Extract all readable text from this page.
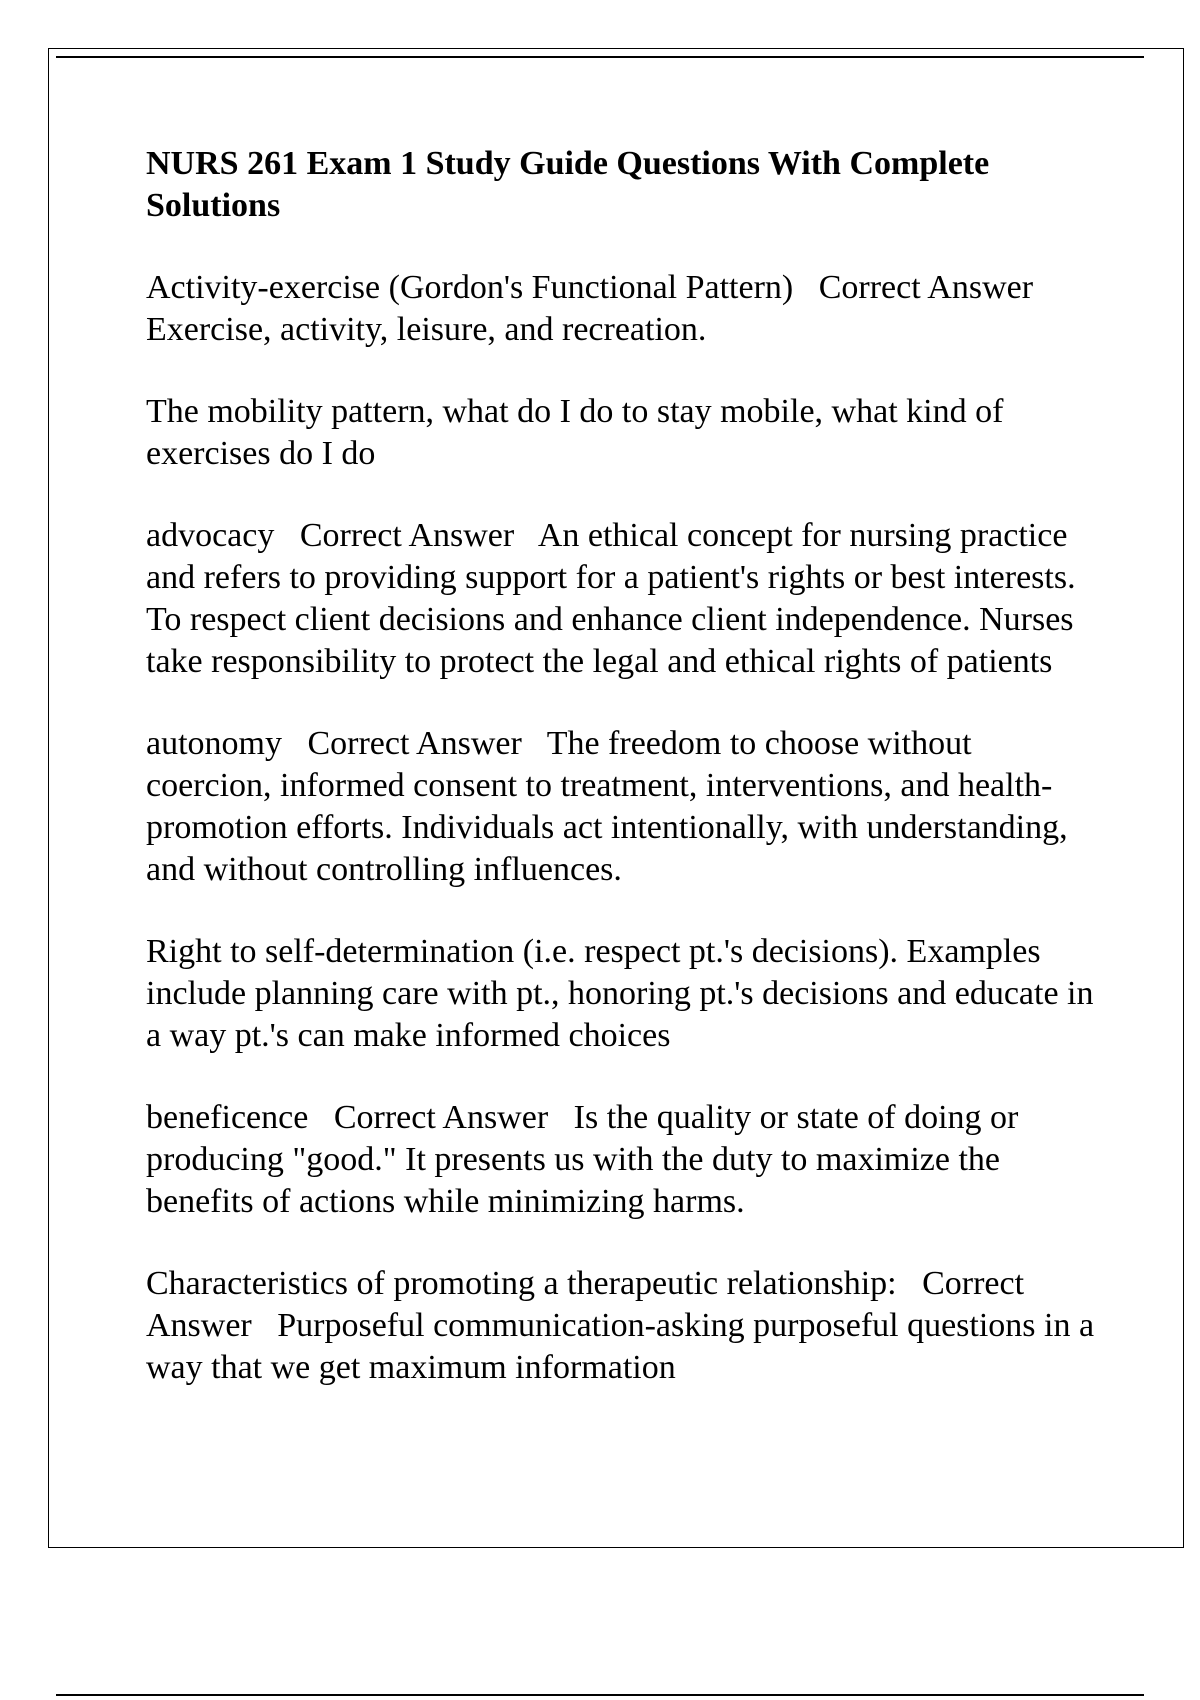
NURS 261 Exam 1 Study Guide Questions With Complete Solutions

Activity-exercise (Gordon's Functional Pattern)   Correct Answer   Exercise, activity, leisure, and recreation.

The mobility pattern, what do I do to stay mobile, what kind of exercises do I do

advocacy   Correct Answer   An ethical concept for nursing practice and refers to providing support for a patient's rights or best interests. To respect client decisions and enhance client independence. Nurses take responsibility to protect the legal and ethical rights of patients

autonomy   Correct Answer   The freedom to choose without coercion, informed consent to treatment, interventions, and health-promotion efforts. Individuals act intentionally, with understanding, and without controlling influences.

Right to self-determination (i.e. respect pt.'s decisions). Examples include planning care with pt., honoring pt.'s decisions and educate in a way pt.'s can make informed choices

beneficence   Correct Answer   Is the quality or state of doing or producing "good." It presents us with the duty to maximize the benefits of actions while minimizing harms.

Characteristics of promoting a therapeutic relationship:   Correct Answer   Purposeful communication-asking purposeful questions in a way that we get maximum information
